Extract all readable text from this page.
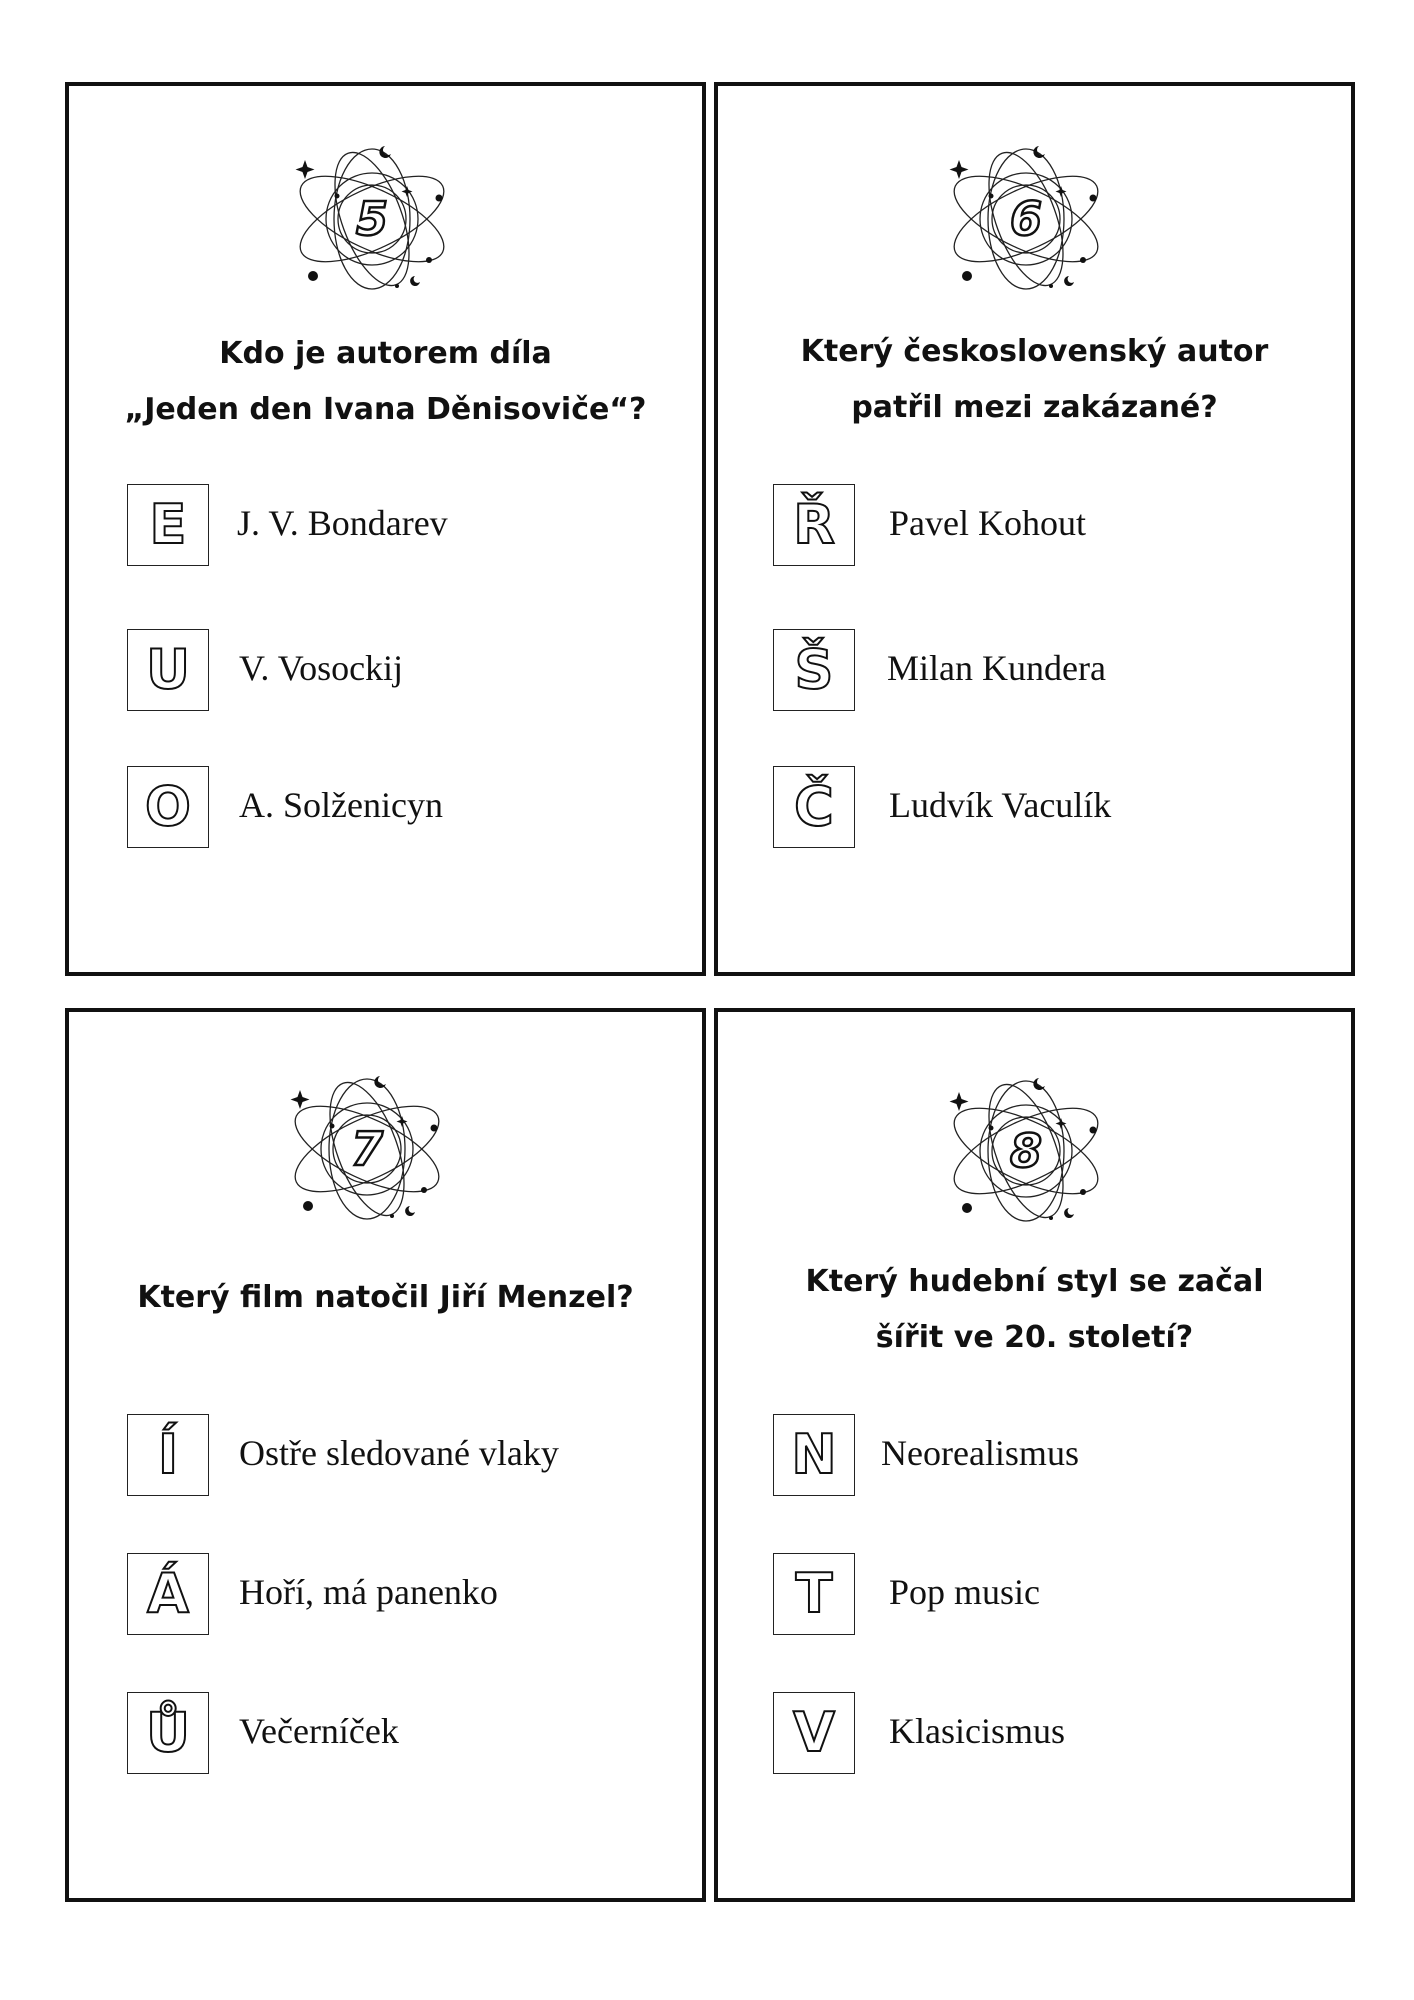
5
Kdo je autorem díla
„Jeden den Ivana Děnisoviče“?
E	J. V. Bondarev
U	V. Vosockij
O	A. Solženicyn
6
Který československý autor
patřil mezi zakázané?
Ř	Pavel Kohout
Š	Milan Kundera
Č	Ludvík Vaculík
7
Který film natočil Jiří Menzel?
Í	Ostře sledované vlaky
Á	Hoří, má panenko
Ů	Večerníček
8
Který hudební styl se začal
šířit ve 20. století?
N	Neorealismus
T	Pop music
V	Klasicismus
